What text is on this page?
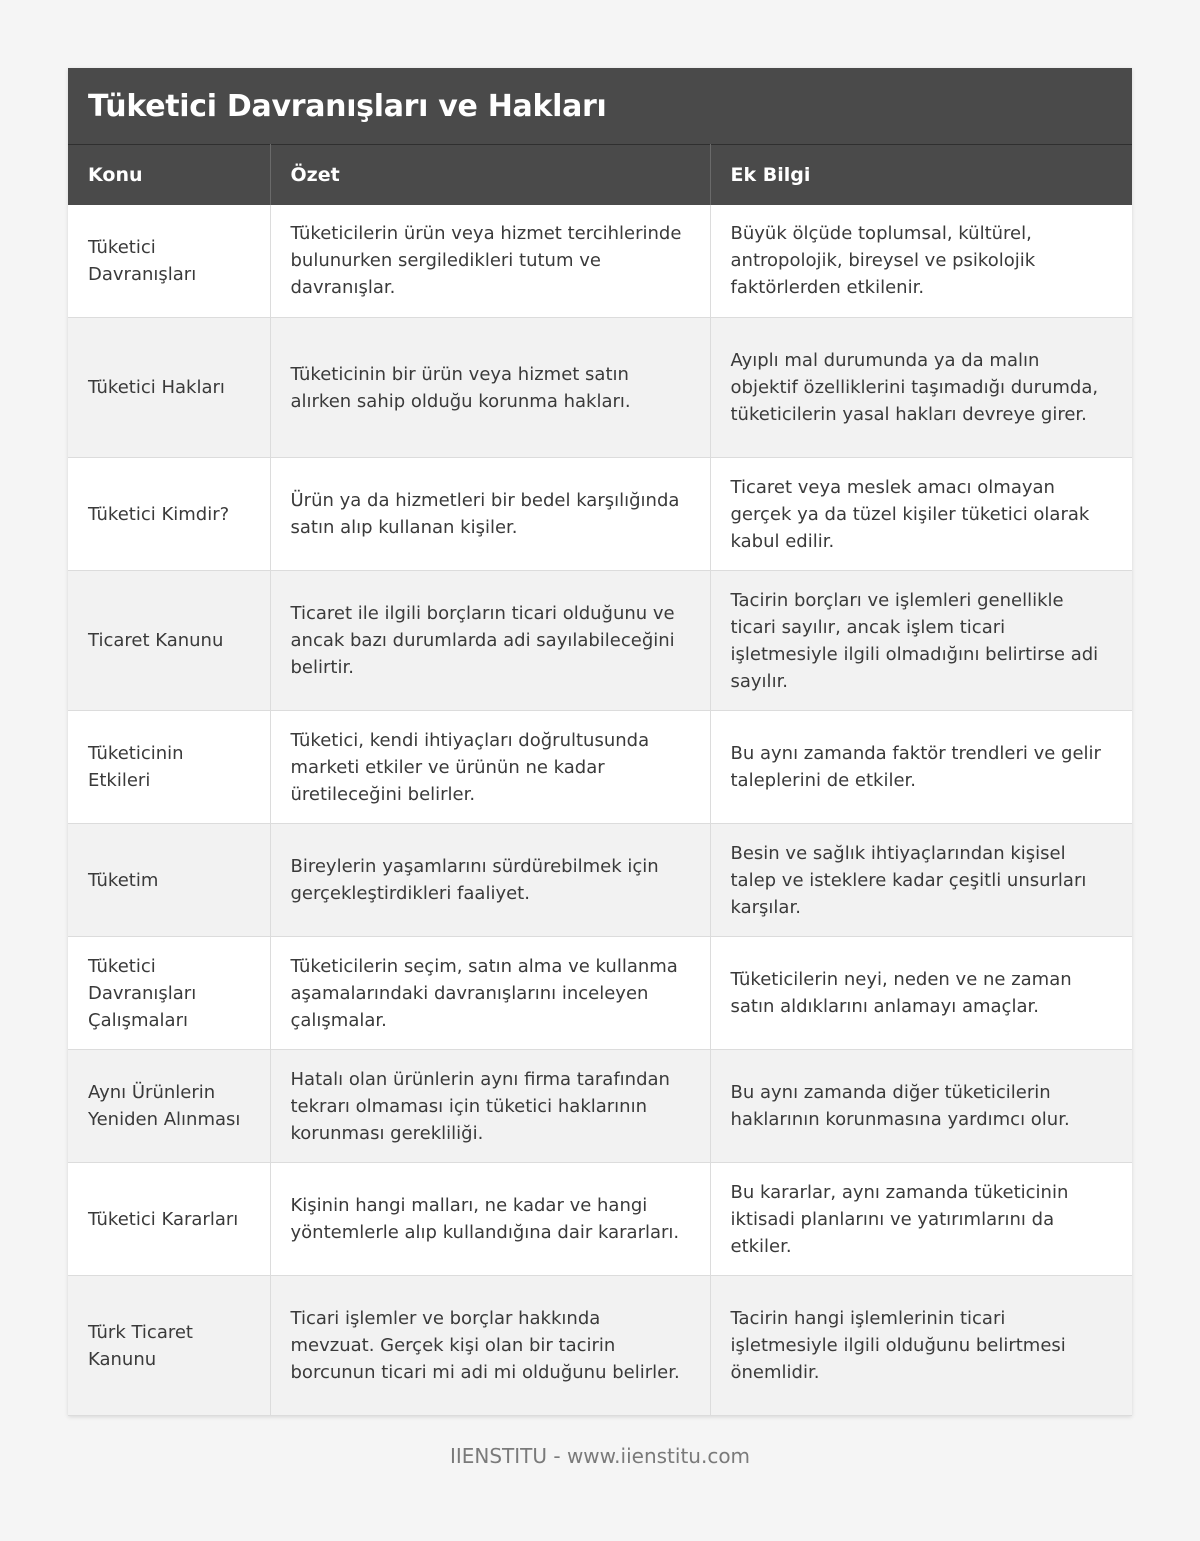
Tüketici Davranışları ve Hakları
Konu	Özet	Ek Bilgi
Tüketici Davranışları	Tüketicilerin ürün veya hizmet tercihlerinde bulunurken sergiledikleri tutum ve davranışlar.	Büyük ölçüde toplumsal, kültürel, antropolojik, bireysel ve psikolojik faktörlerden etkilenir.
Tüketici Hakları	Tüketicinin bir ürün veya hizmet satın alırken sahip olduğu korunma hakları.	Ayıplı mal durumunda ya da malın objektif özelliklerini taşımadığı durumda, tüketicilerin yasal hakları devreye girer.
Tüketici Kimdir?	Ürün ya da hizmetleri bir bedel karşılığında satın alıp kullanan kişiler.	Ticaret veya meslek amacı olmayan gerçek ya da tüzel kişiler tüketici olarak kabul edilir.
Ticaret Kanunu	Ticaret ile ilgili borçların ticari olduğunu ve ancak bazı durumlarda adi sayılabileceğini belirtir.	Tacirin borçları ve işlemleri genellikle ticari sayılır, ancak işlem ticari işletmesiyle ilgili olmadığını belirtirse adi sayılır.
Tüketicinin Etkileri	Tüketici, kendi ihtiyaçları doğrultusunda marketi etkiler ve ürünün ne kadar üretileceğini belirler.	Bu aynı zamanda faktör trendleri ve gelir taleplerini de etkiler.
Tüketim	Bireylerin yaşamlarını sürdürebilmek için gerçekleştirdikleri faaliyet.	Besin ve sağlık ihtiyaçlarından kişisel talep ve isteklere kadar çeşitli unsurları karşılar.
Tüketici Davranışları Çalışmaları	Tüketicilerin seçim, satın alma ve kullanma aşamalarındaki davranışlarını inceleyen çalışmalar.	Tüketicilerin neyi, neden ve ne zaman satın aldıklarını anlamayı amaçlar.
Aynı Ürünlerin Yeniden Alınması	Hatalı olan ürünlerin aynı firma tarafından tekrarı olmaması için tüketici haklarının korunması gerekliliği.	Bu aynı zamanda diğer tüketicilerin haklarının korunmasına yardımcı olur.
Tüketici Kararları	Kişinin hangi malları, ne kadar ve hangi yöntemlerle alıp kullandığına dair kararları.	Bu kararlar, aynı zamanda tüketicinin iktisadi planlarını ve yatırımlarını da etkiler.
Türk Ticaret Kanunu	Ticari işlemler ve borçlar hakkında mevzuat. Gerçek kişi olan bir tacirin borcunun ticari mi adi mi olduğunu belirler.	Tacirin hangi işlemlerinin ticari işletmesiyle ilgili olduğunu belirtmesi önemlidir.
IIENSTITU - www.iienstitu.com
